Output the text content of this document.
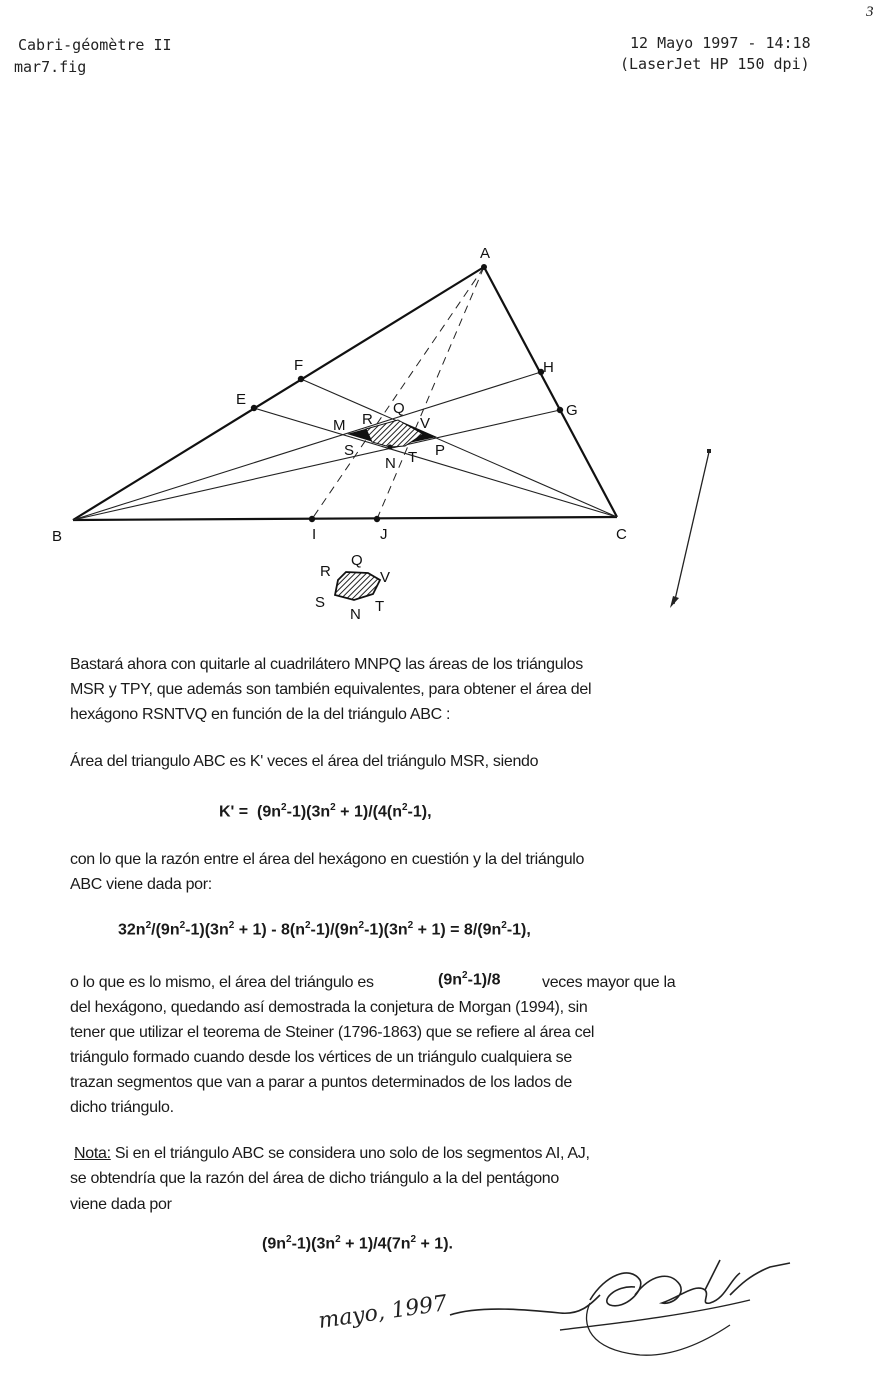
Cabri-géomètre II
mar7.fig
12 Mayo 1997 - 14:18
(LaserJet HP 150 dpi)
3
A
B	C
E
F
G
H
I	J
M
N
P
Q
R
S	T
V
Q
R	V
S	T
N
Bastará ahora con quitarle al cuadrilátero MNPQ las áreas de los triángulos
MSR y TPY, que además son también equivalentes, para obtener el área del
hexágono RSNTVQ en función de la del triángulo ABC :
Área del triangulo ABC es K' veces el área del triángulo MSR, siendo
$K' = (9n^2-1)(3n^2 + 1)/(4(n^2-1)$,
con lo que la razón entre el área del hexágono en cuestión y la del triángulo
ABC viene dada por:
$32n^2/(9n^2-1)(3n^2 + 1) - 8(n^2-1)/(9n^2-1)(3n^2 + 1) = 8/(9n^2-1)$,
o lo que es lo mismo, el área del triángulo es	$(9n^2-1)/8$	veces mayor que la
del hexágono, quedando así demostrada la conjetura de Morgan (1994), sin
tener que utilizar el teorema de Steiner (1796-1863) que se refiere al área cel
triángulo formado cuando desde los vértices de un triángulo cualquiera se
trazan segmentos que van a parar a puntos determinados de los lados de
dicho triángulo.
Nota: Si en el triángulo ABC se considera uno solo de los segmentos AI, AJ,
se obtendría que la razón del área de dicho triángulo a la del pentágono
viene dada por
$(9n^2-1)(3n^2 + 1)/4(7n^2 + 1)$.
mayo, 1997
